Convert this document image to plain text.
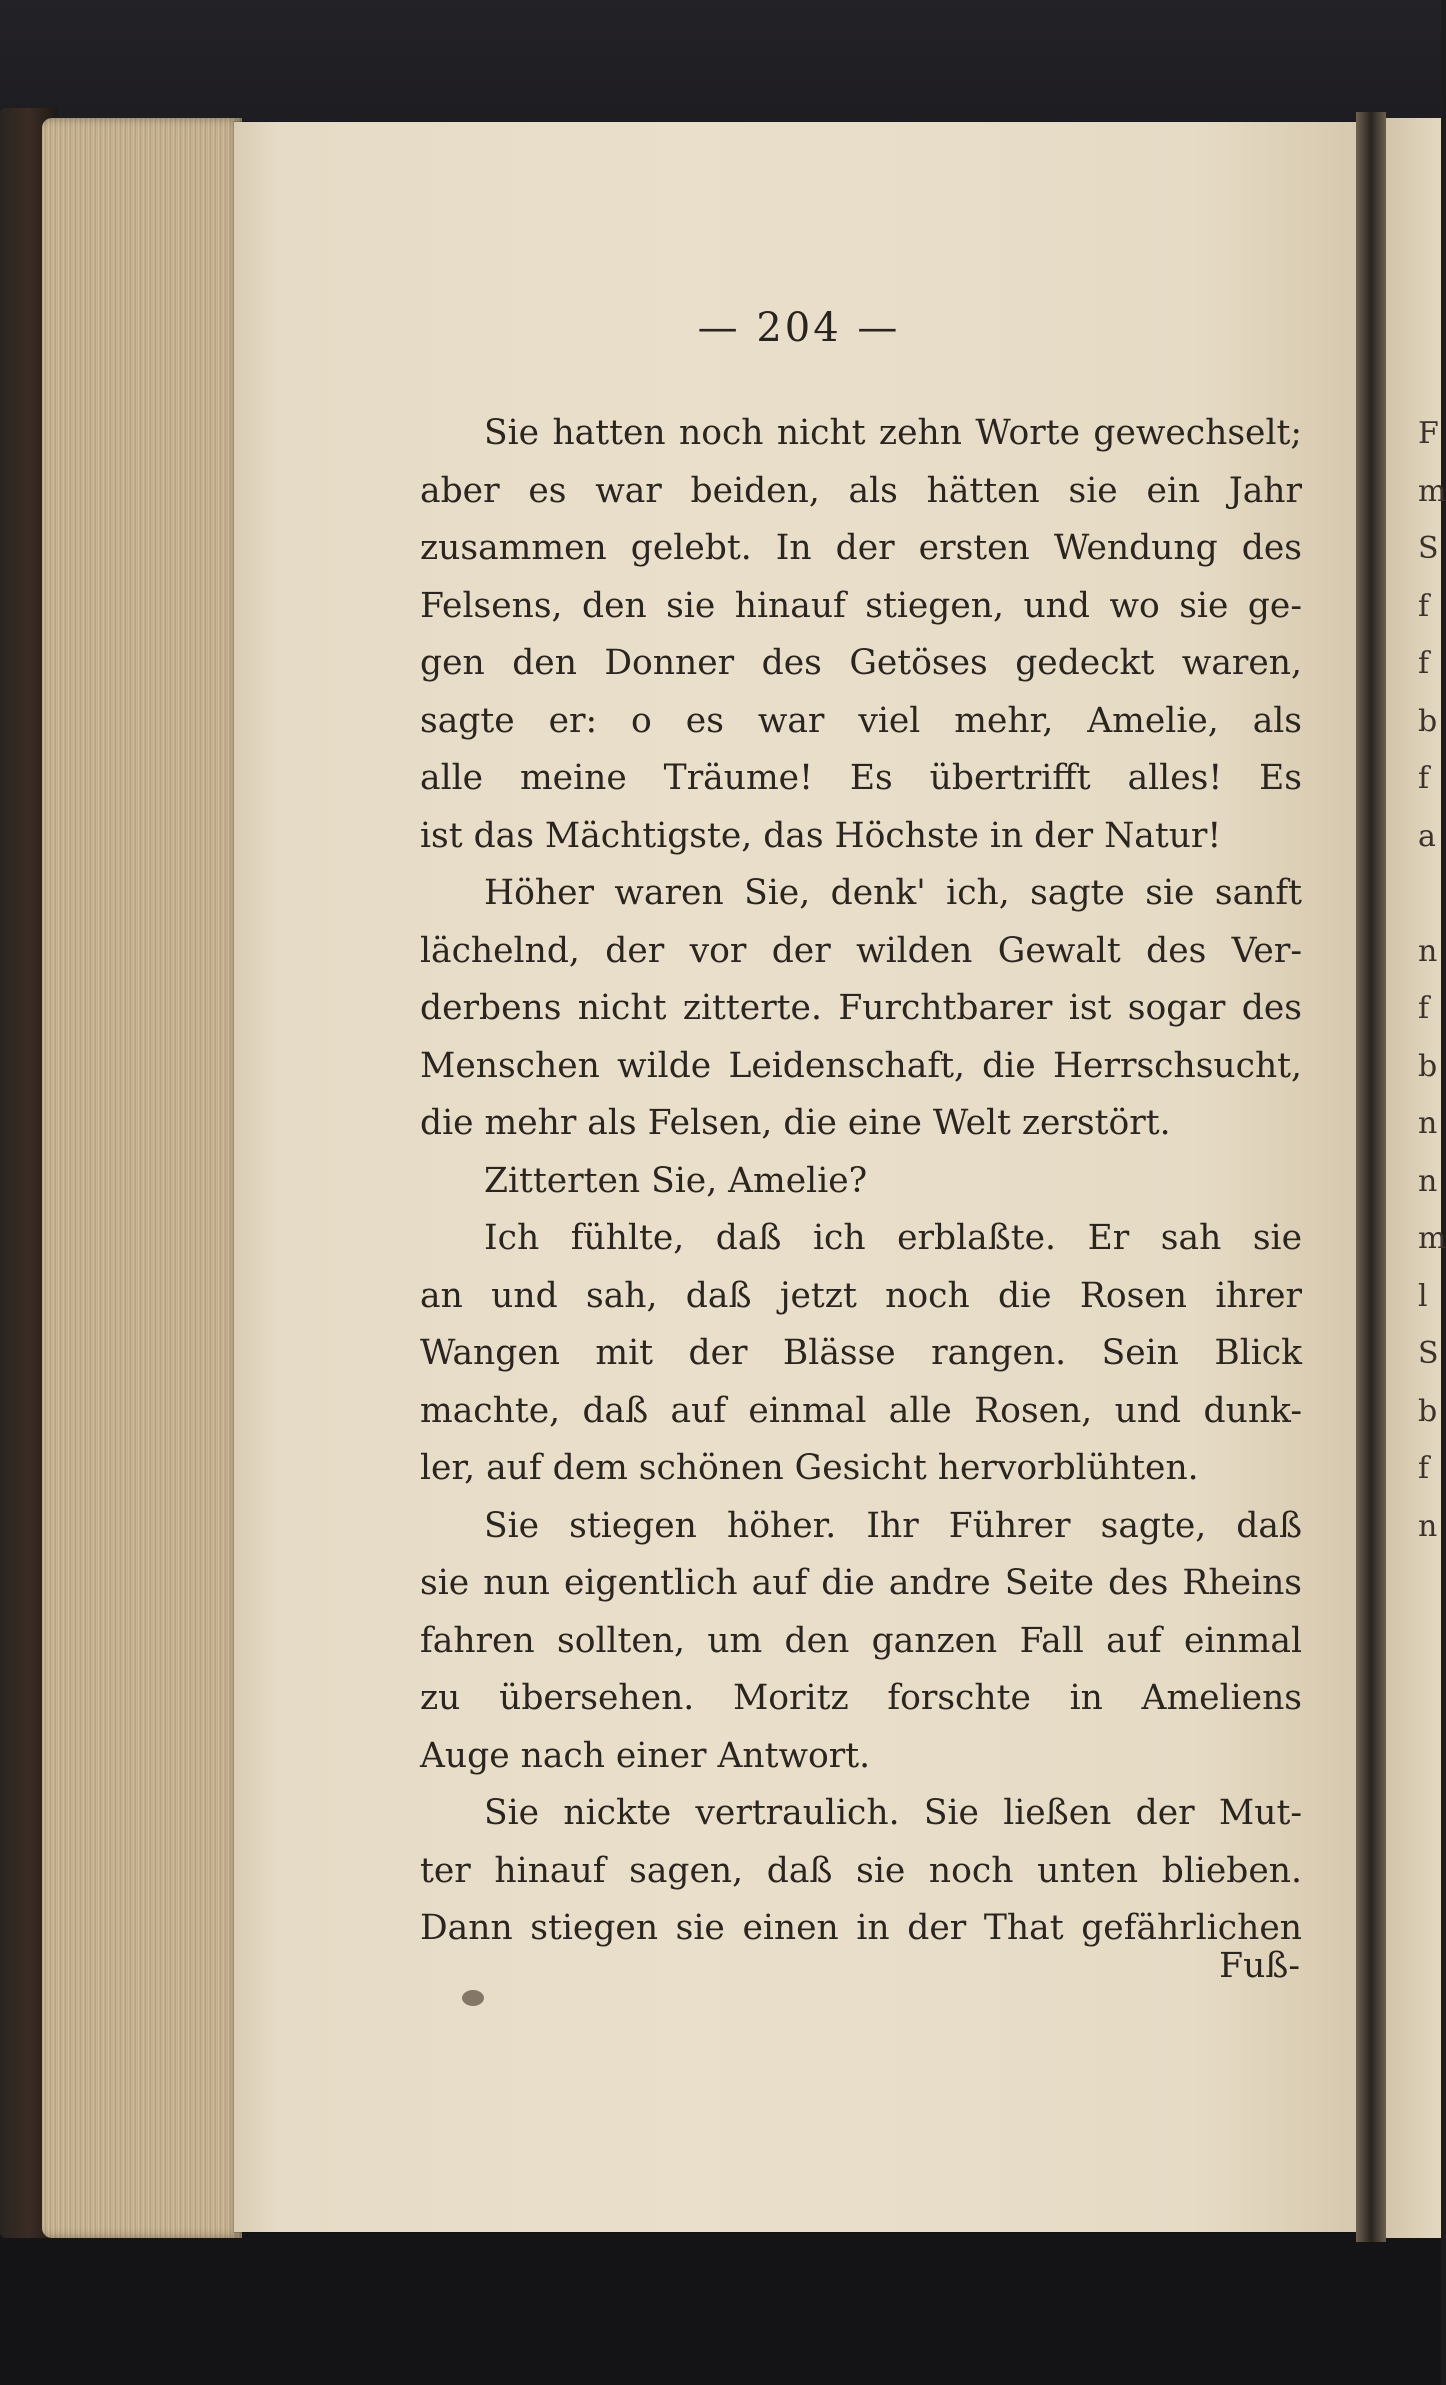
— 204 —
Sie hatten noch nicht zehn Worte gewechselt;
aber es war beiden, als hätten sie ein Jahr
zusammen gelebt. In der ersten Wendung des
Felsens, den sie hinauf stiegen, und wo sie ge-
gen den Donner des Getöses gedeckt waren,
sagte er: o es war viel mehr, Amelie, als
alle meine Träume! Es übertrifft alles! Es
ist das Mächtigste, das Höchste in der Natur!
Höher waren Sie, denk' ich, sagte sie sanft
lächelnd, der vor der wilden Gewalt des Ver-
derbens nicht zitterte. Furchtbarer ist sogar des
Menschen wilde Leidenschaft, die Herrschsucht,
die mehr als Felsen, die eine Welt zerstört.
Zitterten Sie, Amelie?
Ich fühlte, daß ich erblaßte. Er sah sie
an und sah, daß jetzt noch die Rosen ihrer
Wangen mit der Blässe rangen. Sein Blick
machte, daß auf einmal alle Rosen, und dunk-
ler, auf dem schönen Gesicht hervorblühten.
Sie stiegen höher. Ihr Führer sagte, daß
sie nun eigentlich auf die andre Seite des Rheins
fahren sollten, um den ganzen Fall auf einmal
zu übersehen. Moritz forschte in Ameliens
Auge nach einer Antwort.
Sie nickte vertraulich. Sie ließen der Mut-
ter hinauf sagen, daß sie noch unten blieben.
Dann stiegen sie einen in der That gefährlichen
Fuß-
F
m
S
f
f
b
f
a
n
f
b
n
n
m
l
S
b
f
n
